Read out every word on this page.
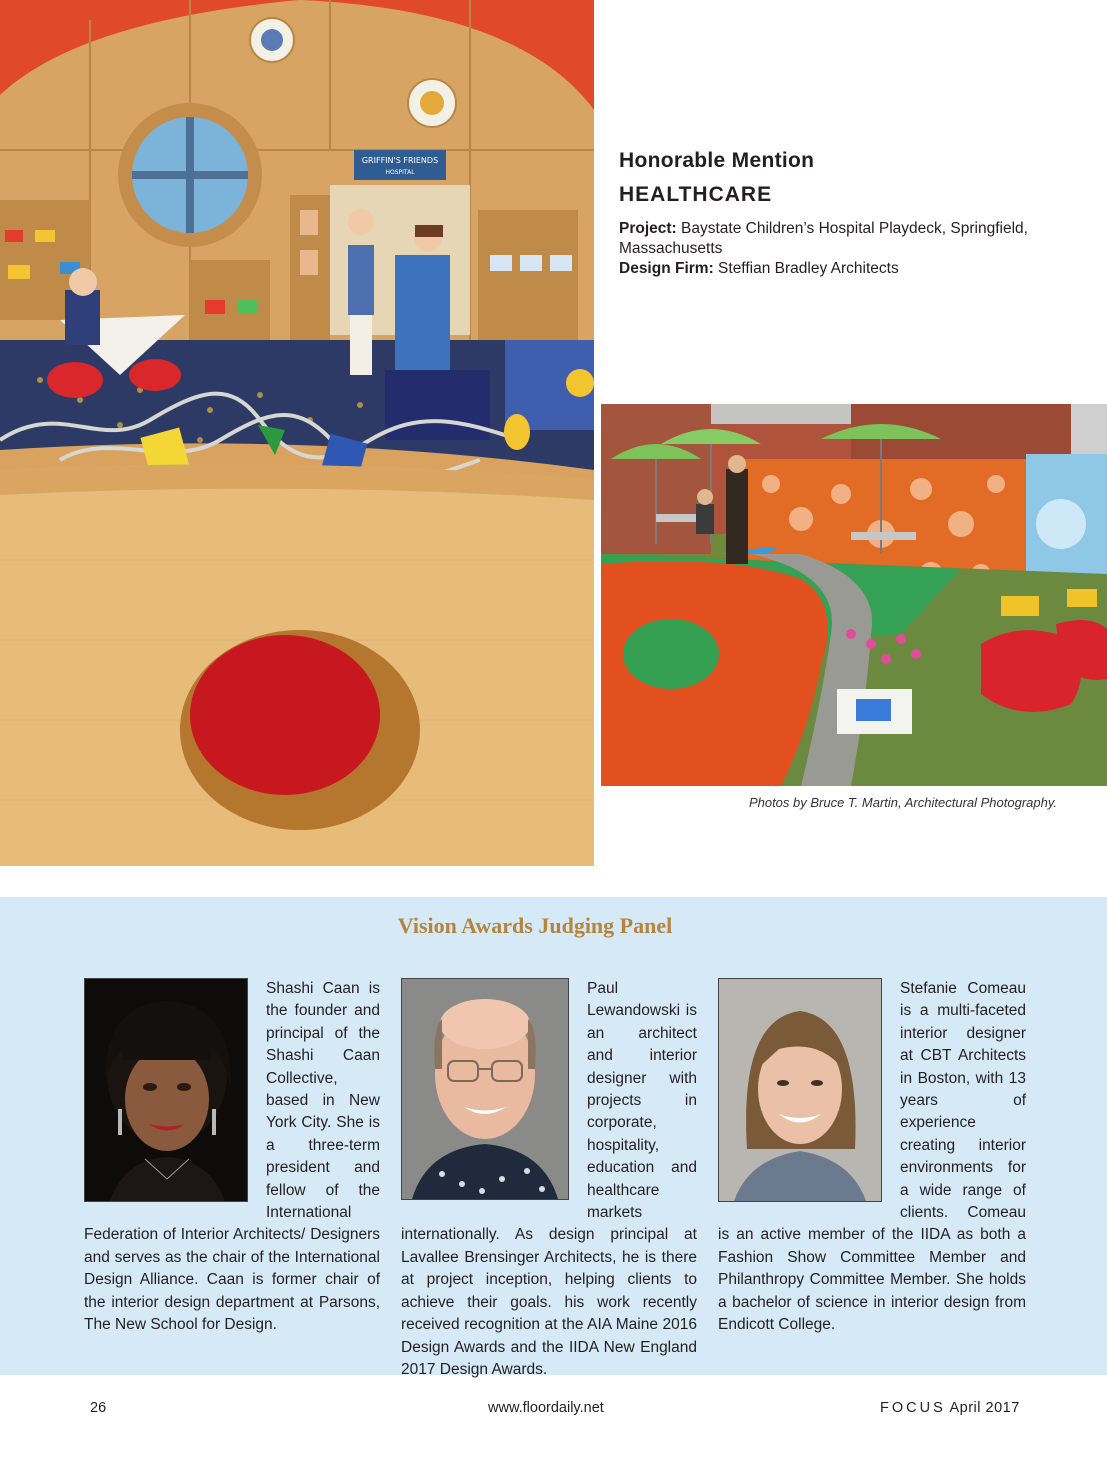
GRIFFIN'S FRIENDS
HOSPITAL
Honorable Mention
HEALTHCARE
Project: Baystate Children’s Hospital Playdeck, Springfield, Massachusetts
Design Firm: Steffian Bradley Architects
Photos by Bruce T. Martin, Architectural Photography.
Vision Awards Judging Panel

Shashi Caan is the founder and principal of the Shashi Caan Collective, based in New York City. She is a three-term president and fellow of the International Federation of Interior Architects/ Designers and serves as the chair of the International Design Alliance. Caan is former chair of the interior design department at Parsons, The New School for Design.

Paul Lewandowski is an architect and interior designer with projects in corporate, hospitality, education and healthcare markets internationally. As design principal at Lavallee Brensinger Architects, he is there at project inception, helping clients to achieve their goals. his work recently received recognition at the AIA Maine 2016 Design Awards and the IIDA New England 2017 Design Awards.

Stefanie Comeau is a multi-faceted interior designer at CBT Architects in Boston, with 13 years of experience creating interior environments for a wide range of clients. Comeau is an active member of the IIDA as both a Fashion Show Committee Member and Philanthropy Committee Member. She holds a bachelor of science in interior design from Endicott College.

26	www.floordaily.net	FOCUS April 2017
